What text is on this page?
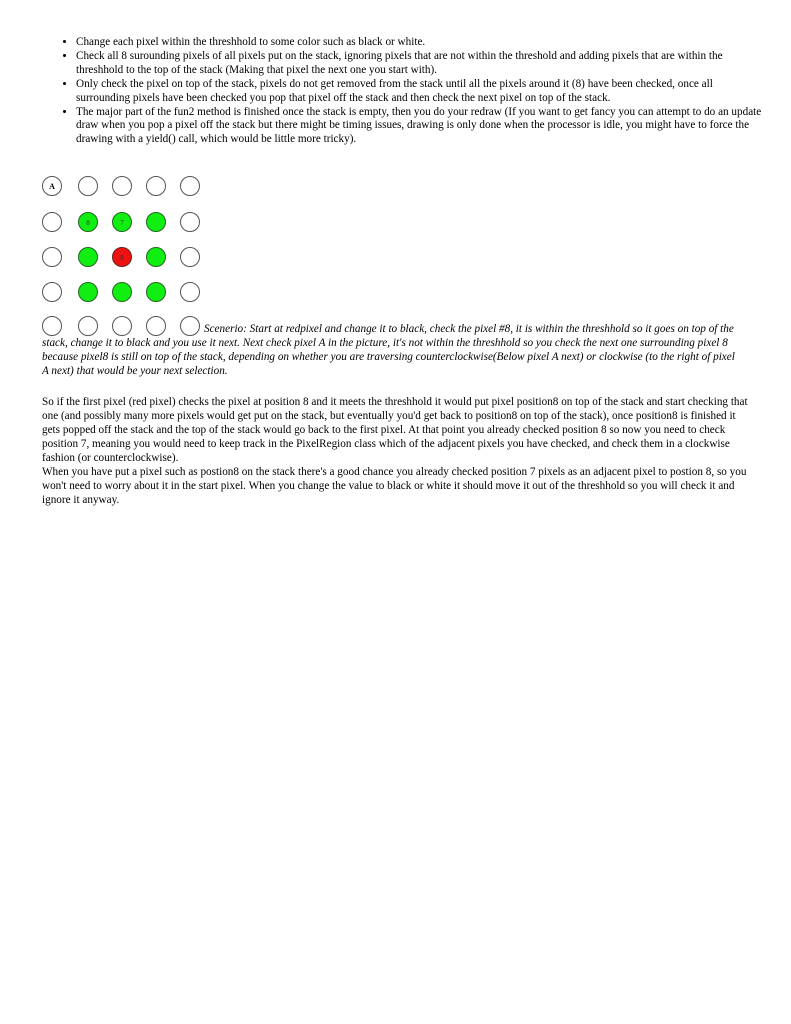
• Change each pixel within the threshhold to some color such as black or white.
• Check all 8 surounding pixels of all pixels put on the stack, ignoring pixels that are not within the threshold and adding pixels that are within the threshhold to the top of the stack (Making that pixel the next one you start with).
• Only check the pixel on top of the stack, pixels do not get removed from the stack until all the pixels around it (8) have been checked, once all surrounding pixels have been checked you pop that pixel off the stack and then check the next pixel on top of the stack.
• The major part of the fun2 method is finished once the stack is empty, then you do your redraw (If you want to get fancy you can attempt to do an update draw when you pop a pixel off the stack but there might be timing issues, drawing is only done when the processor is idle, you might have to force the drawing with a yield() call, which would be little more tricky).
A
8	7
8

Scenerio: Start at redpixel and change it to black, check the pixel #8, it is within the threshhold so it goes on top of the stack, change it to black and you use it next. Next check pixel A in the picture, it's not within the threshhold so you check the next one surrounding pixel 8 because pixel8 is still on top of the stack, depending on whether you are traversing counterclockwise(Below pixel A next) or clockwise (to the right of pixel A next) that would be your next selection.

So if the first pixel (red pixel) checks the pixel at position 8 and it meets the threshhold it would put pixel position8 on top of the stack and start checking that one (and possibly many more pixels would get put on the stack, but eventually you'd get back to position8 on top of the stack), once position8 is finished it gets popped off the stack and the top of the stack would go back to the first pixel. At that point you already checked position 8 so now you need to check position 7, meaning you would need to keep track in the PixelRegion class which of the adjacent pixels you have checked, and check them in a clockwise fashion (or counterclockwise).

When you have put a pixel such as postion8 on the stack there's a good chance you already checked position 7 pixels as an adjacent pixel to postion 8, so you won't need to worry about it in the start pixel. When you change the value to black or white it should move it out of the threshhold so you will check it and ignore it anyway.
